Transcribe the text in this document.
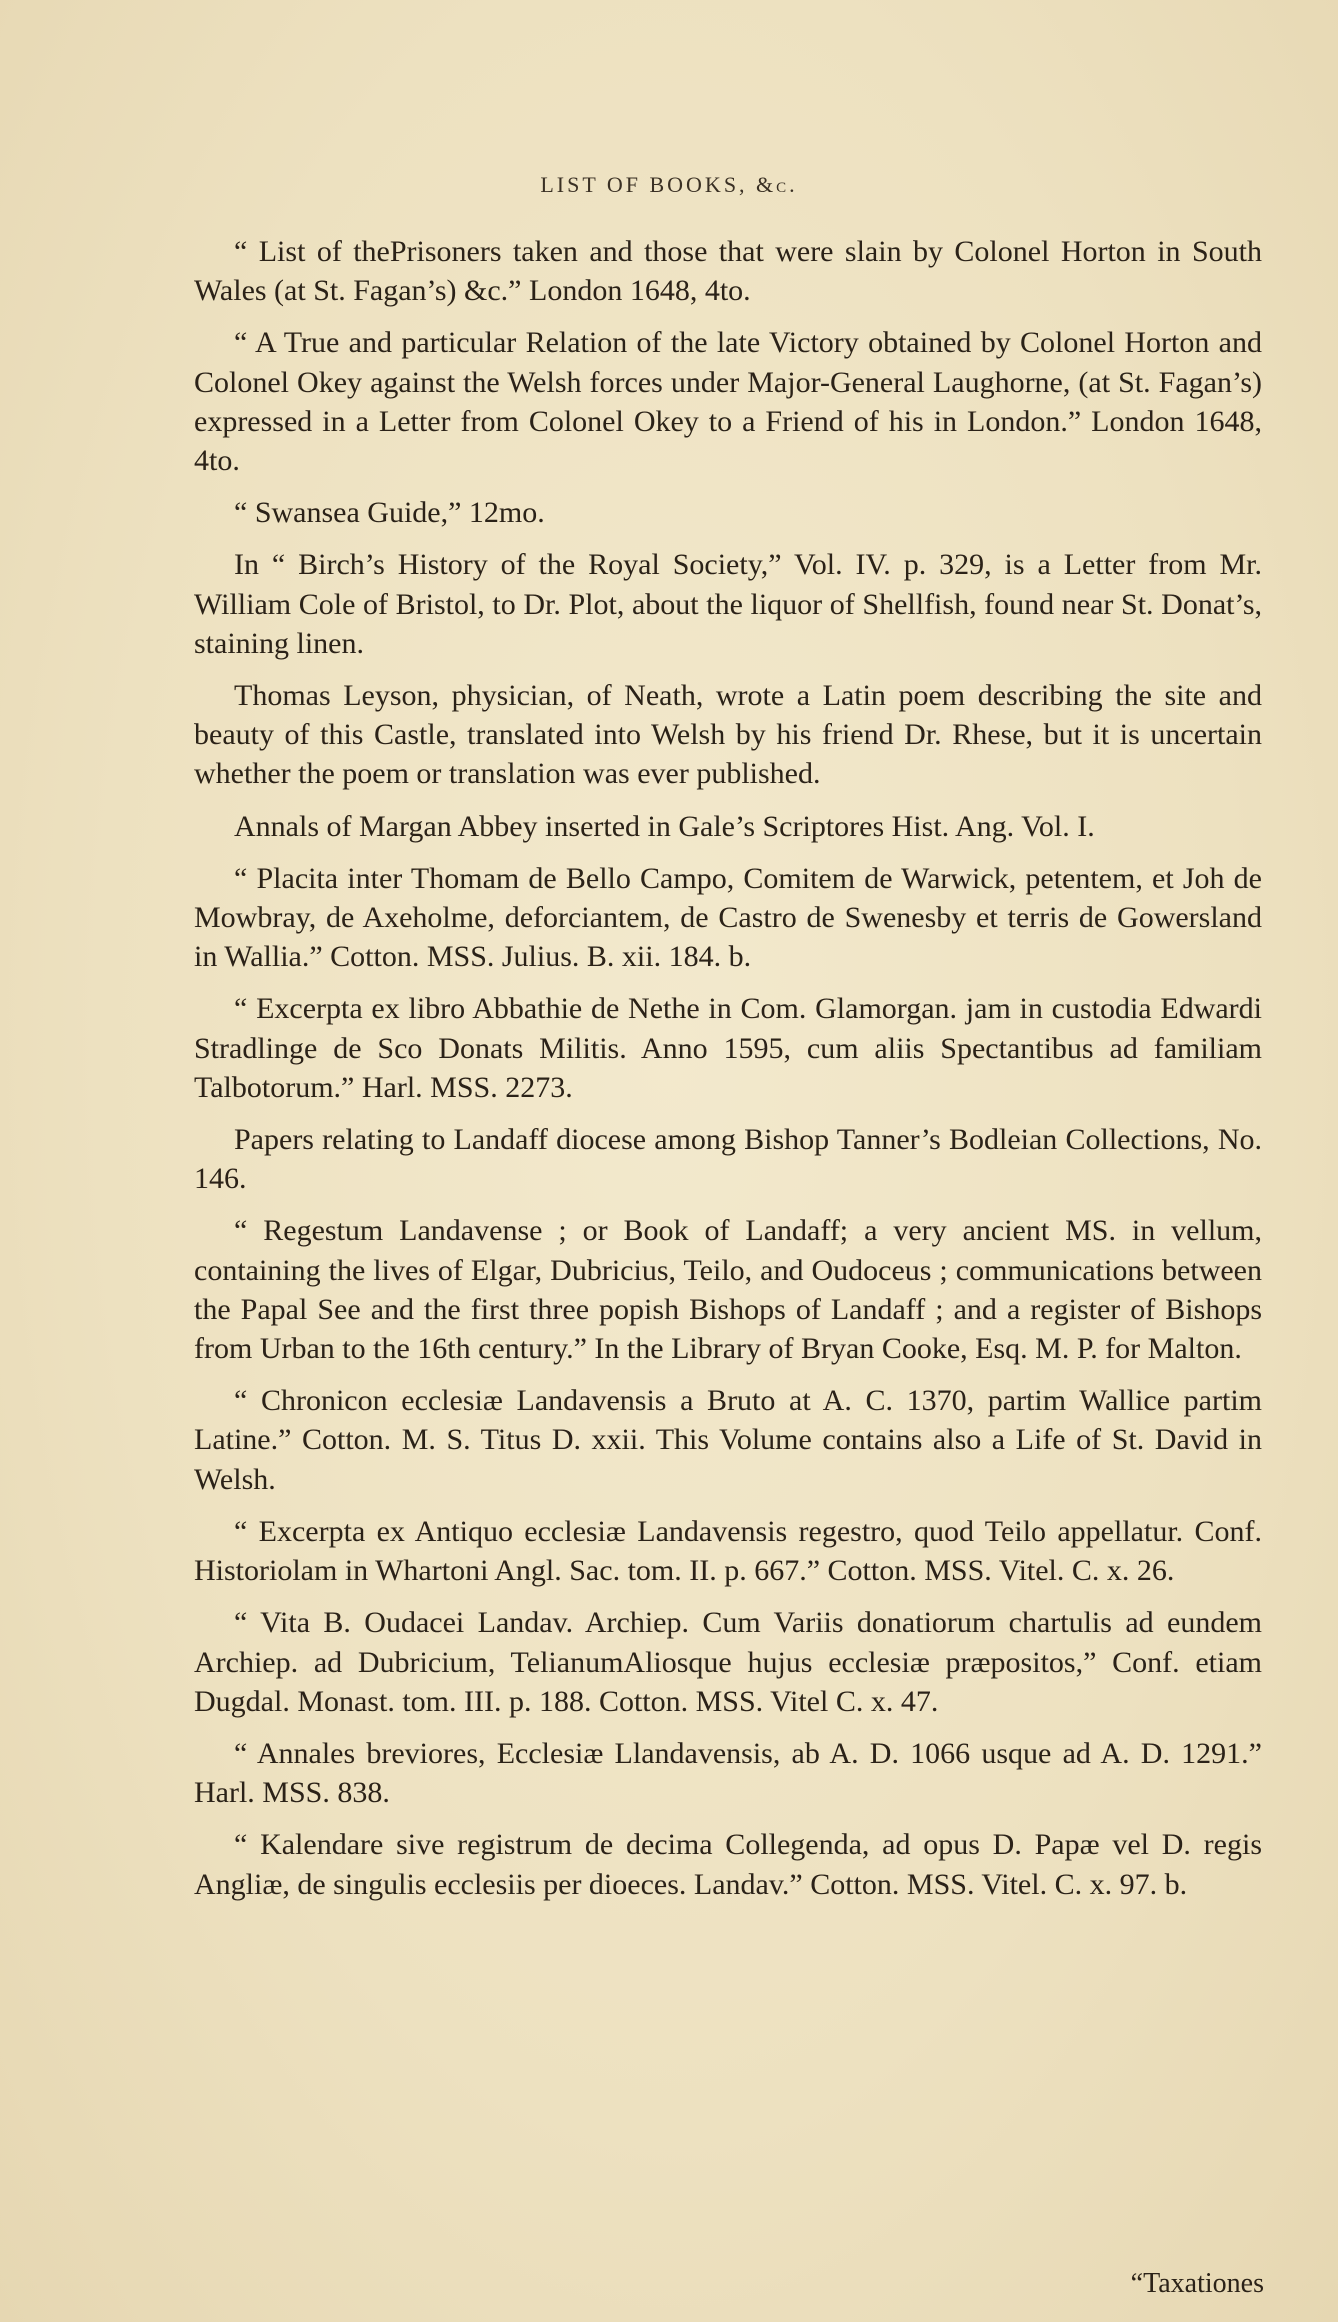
LIST OF BOOKS, &c.

“ List of thePrisoners taken and those that were slain by Colonel Horton in South Wales (at St. Fagan’s) &c.” London 1648, 4to.

“ A True and particular Relation of the late Victory obtained by Colonel Horton and Colonel Okey against the Welsh forces under Major-General Laughorne, (at St. Fagan’s) expressed in a Letter from Colonel Okey to a Friend of his in London.” London 1648, 4to.

“ Swansea Guide,” 12mo.

In “ Birch’s History of the Royal Society,” Vol. IV. p. 329, is a Letter from Mr. William Cole of Bristol, to Dr. Plot, about the liquor of Shellfish, found near St. Donat’s, staining linen.

Thomas Leyson, physician, of Neath, wrote a Latin poem describing the site and beauty of this Castle, translated into Welsh by his friend Dr. Rhese, but it is uncertain whether the poem or translation was ever published.

Annals of Margan Abbey inserted in Gale’s Scriptores Hist. Ang. Vol. I.

“ Placita inter Thomam de Bello Campo, Comitem de Warwick, petentem, et Joh de Mowbray, de Axeholme, deforciantem, de Castro de Swenesby et terris de Gowersland in Wallia.” Cotton. MSS. Julius. B. xii. 184. b.

“ Excerpta ex libro Abbathie de Nethe in Com. Glamorgan. jam in custodia Edwardi Stradlinge de Sco Donats Militis. Anno 1595, cum aliis Spectantibus ad familiam Talbotorum.” Harl. MSS. 2273.

Papers relating to Landaff diocese among Bishop Tanner’s Bodleian Collections, No. 146.

“ Regestum Landavense ; or Book of Landaff; a very ancient MS. in vellum, containing the lives of Elgar, Dubricius, Teilo, and Oudoceus ; communications between the Papal See and the first three popish Bishops of Landaff ; and a register of Bishops from Urban to the 16th century.” In the Library of Bryan Cooke, Esq. M. P. for Malton.

“ Chronicon ecclesiæ Landavensis a Bruto at A. C. 1370, partim Wallice partim Latine.” Cotton. M. S. Titus D. xxii. This Volume contains also a Life of St. David in Welsh.

“ Excerpta ex Antiquo ecclesiæ Landavensis regestro, quod Teilo appellatur. Conf. Historiolam in Whartoni Angl. Sac. tom. II. p. 667.” Cotton. MSS. Vitel. C. x. 26.

“ Vita B. Oudacei Landav. Archiep. Cum Variis donatiorum chartulis ad eundem Archiep. ad Dubricium, TelianumAliosque hujus ecclesiæ præpositos,” Conf. etiam Dugdal. Monast. tom. III. p. 188. Cotton. MSS. Vitel C. x. 47.

“ Annales breviores, Ecclesiæ Llandavensis, ab A. D. 1066 usque ad A. D. 1291.” Harl. MSS. 838.

“ Kalendare sive registrum de decima Collegenda, ad opus D. Papæ vel D. regis Angliæ, de singulis ecclesiis per dioeces. Landav.” Cotton. MSS. Vitel. C. x. 97. b.

“Taxationes
